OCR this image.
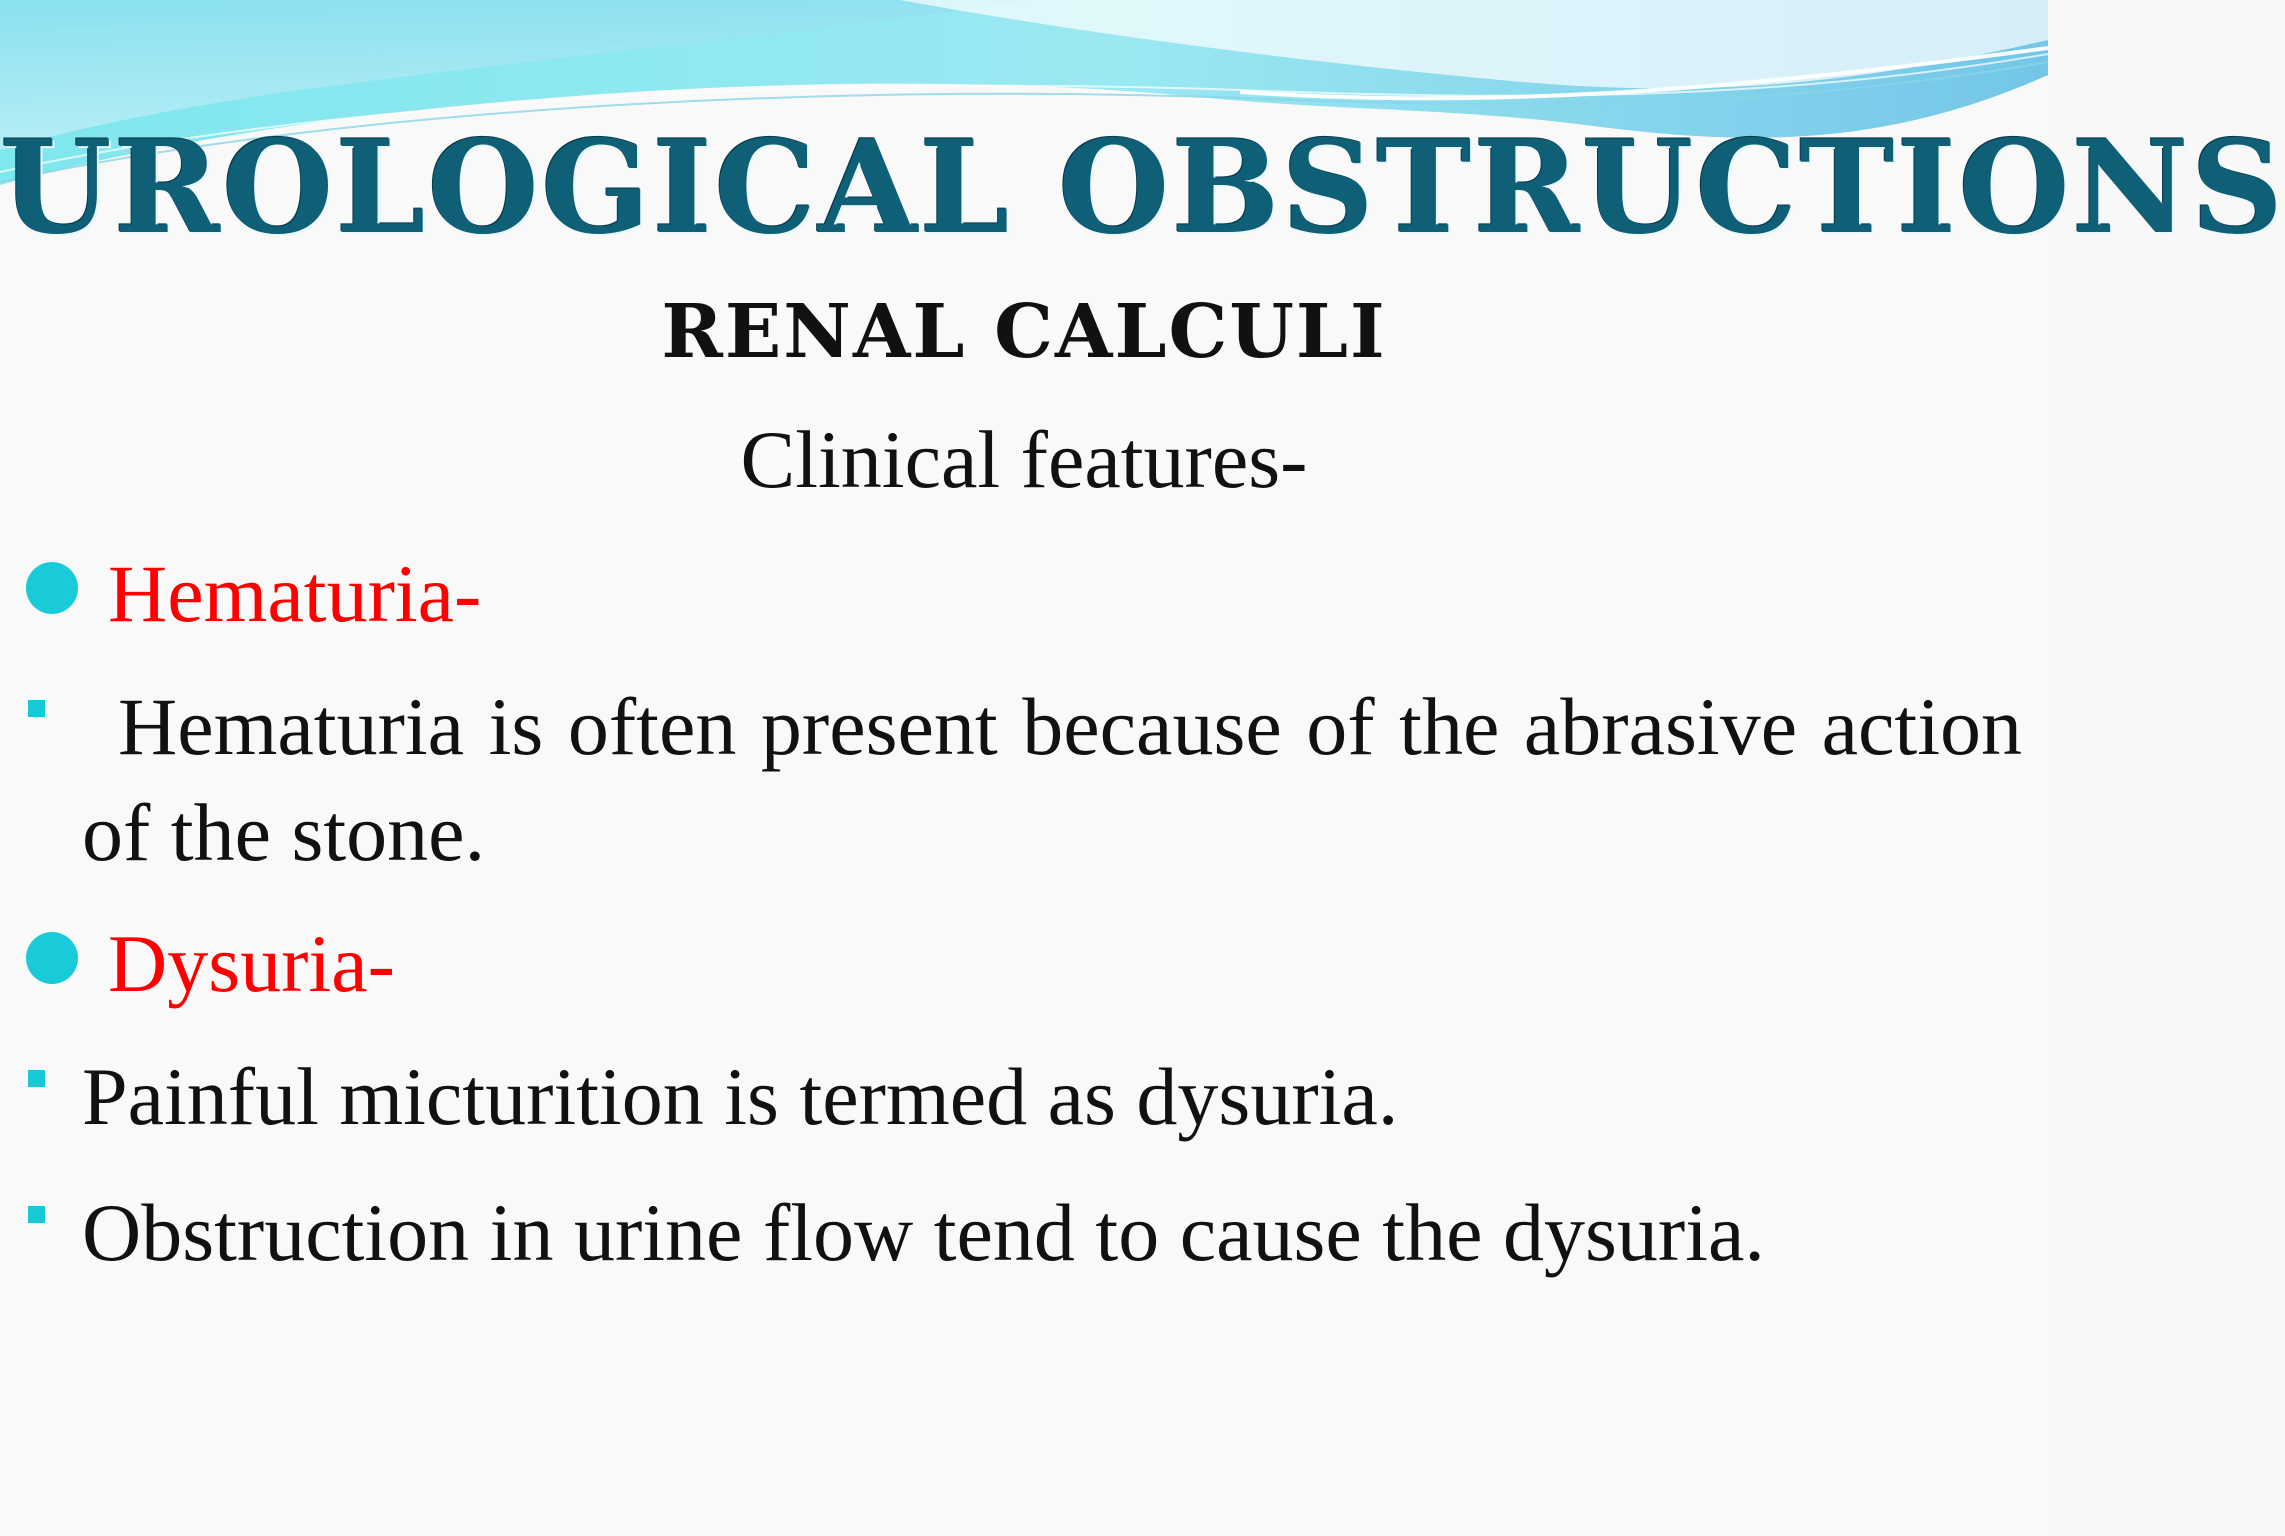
UROLOGICAL OBSTRUCTIONS
RENAL CALCULI
Clinical features-
Hematuria-
Hematuria is often present because of the abrasive action of the stone.
Dysuria-
Painful micturition is termed as dysuria.
Obstruction in urine flow tend to cause the dysuria.
